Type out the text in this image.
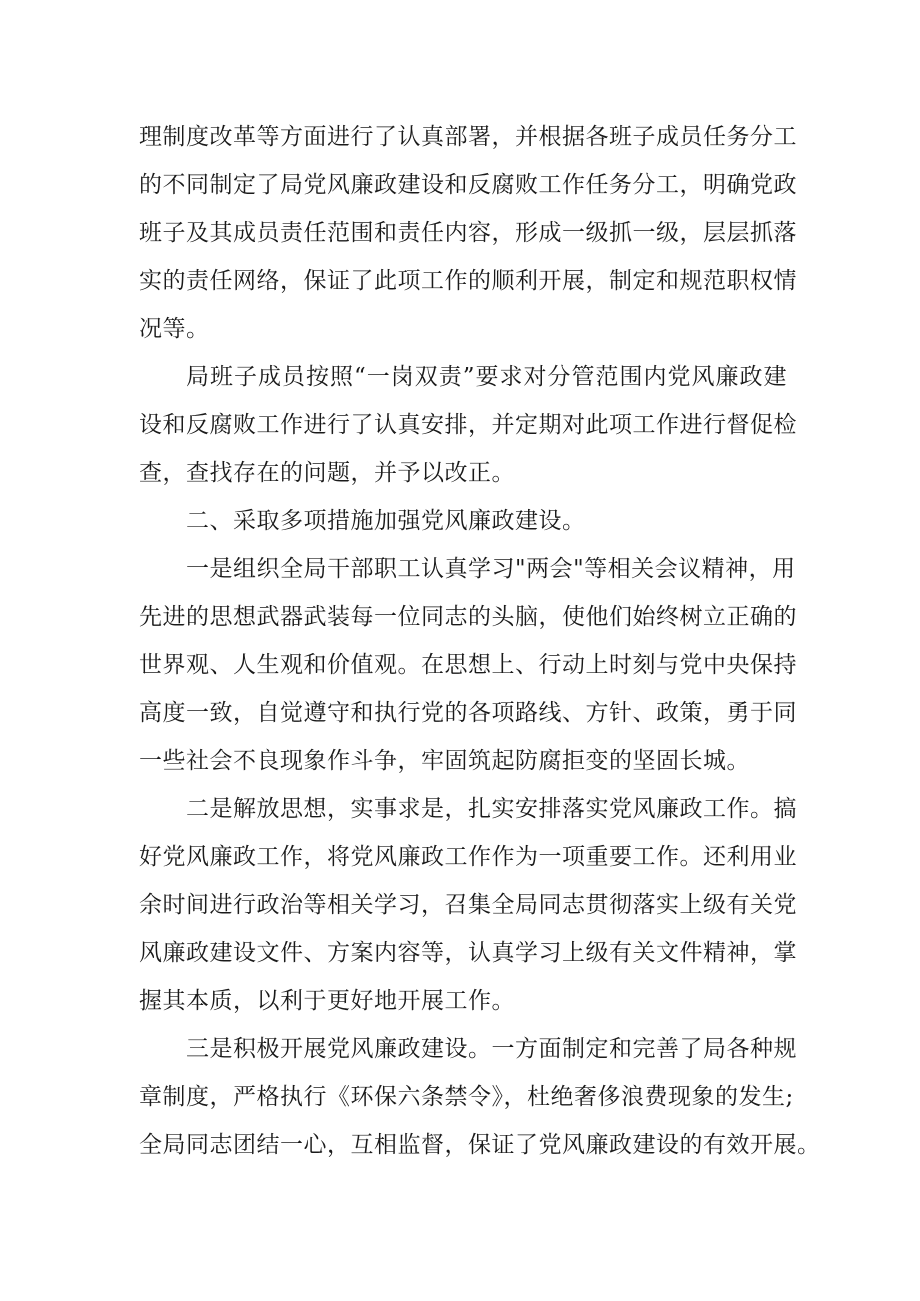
理制度改革等方面进行了认真部署，并根据各班子成员任务分工
的不同制定了局党风廉政建设和反腐败工作任务分工，明确党政
班子及其成员责任范围和责任内容，形成一级抓一级，层层抓落
实的责任网络，保证了此项工作的顺利开展，制定和规范职权情
况等。
局班子成员按照“一岗双责”要求对分管范围内党风廉政建
设和反腐败工作进行了认真安排，并定期对此项工作进行督促检
查，查找存在的问题，并予以改正。
二、采取多项措施加强党风廉政建设。
一是组织全局干部职工认真学习"两会"等相关会议精神，用
先进的思想武器武装每一位同志的头脑，使他们始终树立正确的
世界观、人生观和价值观。在思想上、行动上时刻与党中央保持
高度一致，自觉遵守和执行党的各项路线、方针、政策，勇于同
一些社会不良现象作斗争，牢固筑起防腐拒变的坚固长城。
二是解放思想，实事求是，扎实安排落实党风廉政工作。搞
好党风廉政工作，将党风廉政工作作为一项重要工作。还利用业
余时间进行政治等相关学习，召集全局同志贯彻落实上级有关党
风廉政建设文件、方案内容等，认真学习上级有关文件精神，掌
握其本质，以利于更好地开展工作。
三是积极开展党风廉政建设。一方面制定和完善了局各种规
章制度，严格执行《环保六条禁令》，杜绝奢侈浪费现象的发生;
全局同志团结一心，互相监督，保证了党风廉政建设的有效开展。
